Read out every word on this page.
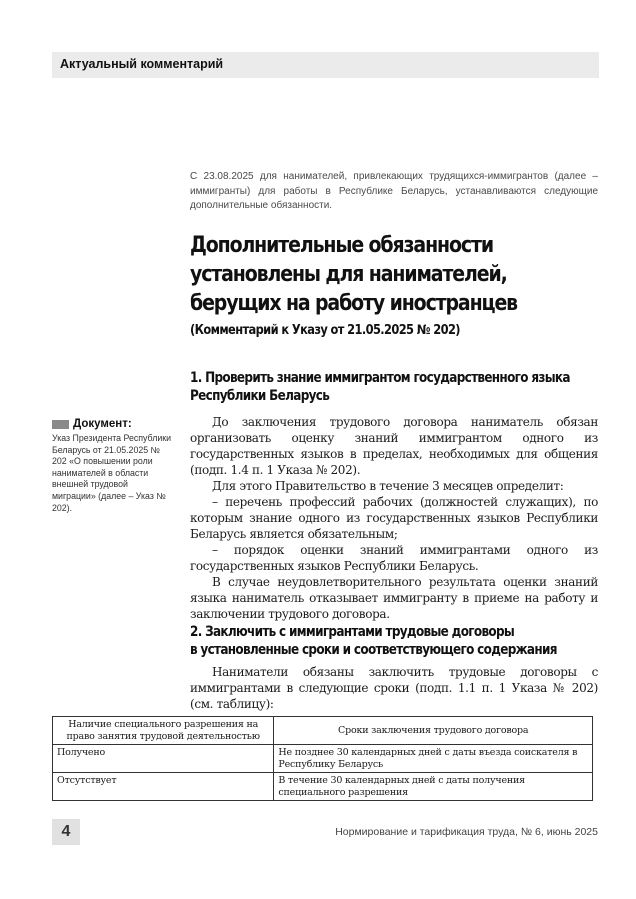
Актуальный комментарий
С 23.08.2025 для нанимателей, привлекающих трудящихся-иммигрантов (далее – иммигранты) для работы в Республике Беларусь, устанавливаются следующие дополнительные обязанности.
Дополнительные обязанности
установлены для нанимателей,
берущих на работу иностранцев
(Комментарий к Указу от 21.05.2025 № 202)
1. Проверить знание иммигрантом государственного языка
Республики Беларусь

До заключения трудового договора наниматель обязан организовать оценку знаний иммигрантом одного из государственных языков в пределах, необходимых для общения (подп. 1.4 п. 1 Указа № 202).

Для этого Правительство в течение 3 месяцев определит:

– перечень профессий рабочих (должностей служащих), по которым знание одного из государственных языков Республики Беларусь является обязательным;

– порядок оценки знаний иммигрантами одного из государственных языков Республики Беларусь.

В случае неудовлетворительного результата оценки знаний языка наниматель отказывает иммигранту в приеме на работу и заключении трудового договора.

2. Заключить с иммигрантами трудовые договоры
в установленные сроки и соответствующего содержания

Наниматели обязаны заключить трудовые договоры с иммигрантами в следующие сроки (подп. 1.1 п. 1 Указа № 202) (см. таблицу):

Документ:
Указ Президента Республики Беларусь от 21.05.2025 № 202 «О повышении роли нанимателей в области внешней трудовой миграции» (далее – Указ № 202).
Наличие специального разрешения на право занятия трудовой деятельностью	Сроки заключения трудового договора
Получено	Не позднее 30 календарных дней с даты въезда соискателя в Республику Беларусь
Отсутствует	В течение 30 календарных дней с даты получения специального разрешения
4	Нормирование и тарификация труда, № 6, июнь 2025
